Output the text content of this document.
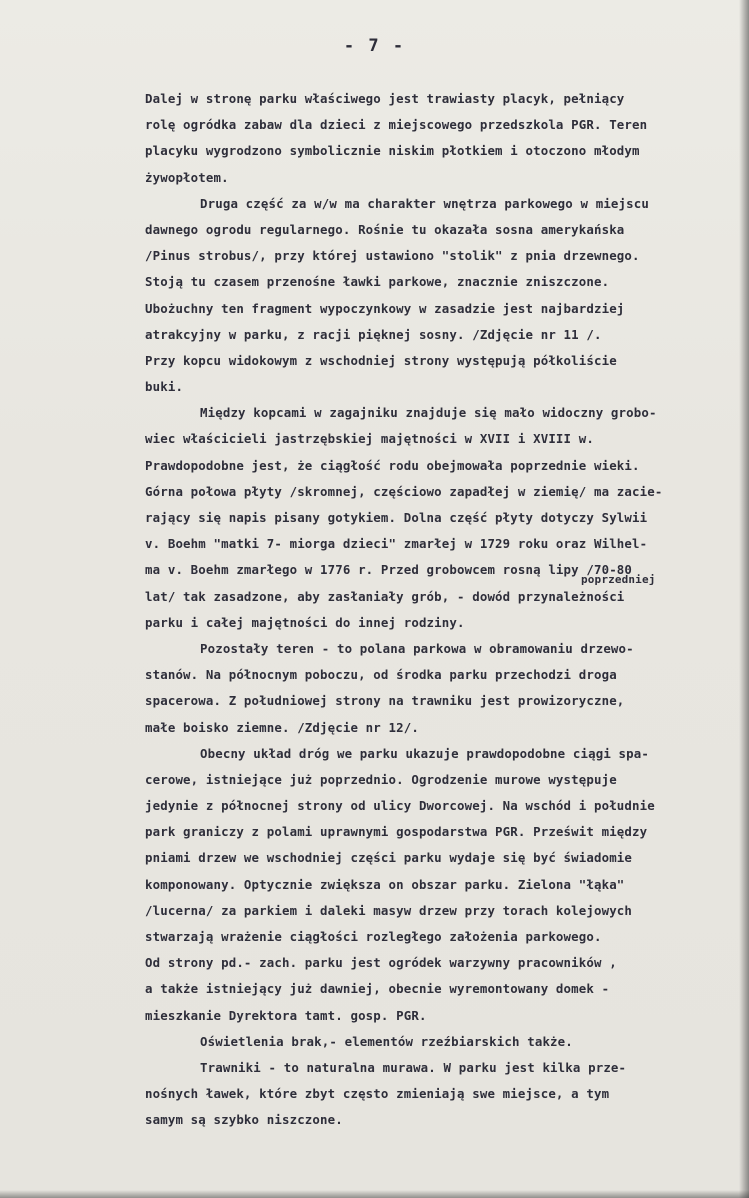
- 7 -
Dalej w stronę parku właściwego jest trawiasty placyk, pełniący
rolę ogródka zabaw dla dzieci z miejscowego przedszkola PGR. Teren
placyku wygrodzono symbolicznie niskim płotkiem i otoczono młodym
żywopłotem.
Druga część za w/w ma charakter wnętrza parkowego w miejscu
dawnego ogrodu regularnego. Rośnie tu okazała sosna amerykańska
/Pinus strobus/, przy której ustawiono "stolik" z pnia drzewnego.
Stoją tu czasem przenośne ławki parkowe, znacznie zniszczone.
Ubożuchny ten fragment wypoczynkowy w zasadzie jest najbardziej
atrakcyjny w parku, z racji pięknej sosny. /Zdjęcie nr 11 /.
Przy kopcu widokowym z wschodniej strony występują półkoliście
buki.
Między kopcami w zagajniku znajduje się mało widoczny grobo-
wiec właścicieli jastrzębskiej majętności w XVII i XVIII w.
Prawdopodobne jest, że ciągłość rodu obejmowała poprzednie wieki.
Górna połowa płyty /skromnej, częściowo zapadłej w ziemię/ ma zacie-
rający się napis pisany gotykiem. Dolna część płyty dotyczy Sylwii
v. Boehm "matki 7- miorga dzieci" zmarłej w 1729 roku oraz Wilhel-
ma v. Boehm zmarłego w 1776 r. Przed grobowcem rosną lipy /70-80
lat/ tak zasadzone, aby zasłaniały grób, - dowód przynależności
poprzedniej
parku i całej majętności do innej rodziny.
Pozostały teren - to polana parkowa w obramowaniu drzewo-
stanów. Na północnym poboczu, od środka parku przechodzi droga
spacerowa. Z południowej strony na trawniku jest prowizoryczne,
małe boisko ziemne. /Zdjęcie nr 12/.
Obecny układ dróg we parku ukazuje prawdopodobne ciągi spa-
cerowe, istniejące już poprzednio. Ogrodzenie murowe występuje
jedynie z północnej strony od ulicy Dworcowej. Na wschód i południe
park graniczy z polami uprawnymi gospodarstwa PGR. Prześwit między
pniami drzew we wschodniej części parku wydaje się być świadomie
komponowany. Optycznie zwiększa on obszar parku. Zielona "łąka"
/lucerna/ za parkiem i daleki masyw drzew przy torach kolejowych
stwarzają wrażenie ciągłości rozległego założenia parkowego.
Od strony pd.- zach. parku jest ogródek warzywny pracowników ,
a także istniejący już dawniej, obecnie wyremontowany domek -
mieszkanie Dyrektora tamt. gosp. PGR.
Oświetlenia brak,- elementów rzeźbiarskich także.
Trawniki - to naturalna murawa. W parku jest kilka prze-
nośnych ławek, które zbyt często zmieniają swe miejsce, a tym
samym są szybko niszczone.
